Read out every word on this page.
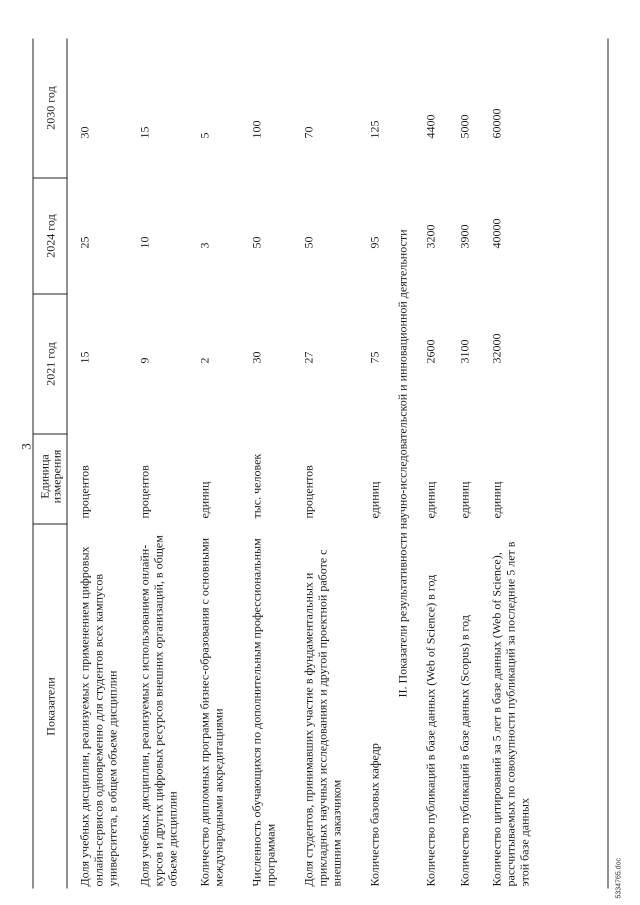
3
Показатели
Единица измерения
2021 год
2024 год
2030 год
Доля учебных дисциплин, реализуемых с применением цифровых онлайн-сервисов одновременно для студентов всех кампусов университета, в общем объеме дисциплин
процентов
15
25
30
Доля учебных дисциплин, реализуемых с использованием онлайн-курсов и других цифровых ресурсов внешних организаций, в общем объеме дисциплин
процентов
9
10
15
Количество дипломных программ бизнес-образования с основными международными аккредитациями
единиц
2
3
5
Численность обучающихся по дополнительным профессиональным программам
тыс. человек
30
50
100
Доля студентов, принимавших участие в фундаментальных и прикладных научных исследованиях и другой проектной работе с внешним заказчиком
процентов
27
50
70
Количество базовых кафедр
единиц
75
95
125
II. Показатели результативности научно-исследовательской и инновационной деятельности
Количество публикаций в базе данных (Web of Science) в год
единиц
2600
3200
4400
Количество публикаций в базе данных (Scopus) в год
единиц
3100
3900
5000
Количество цитирований за 5 лет в базе данных (Web of Science), рассчитываемых по совокупности публикаций за последние 5 лет в этой базе данных
единиц
32000
40000
60000
5334765.doc
